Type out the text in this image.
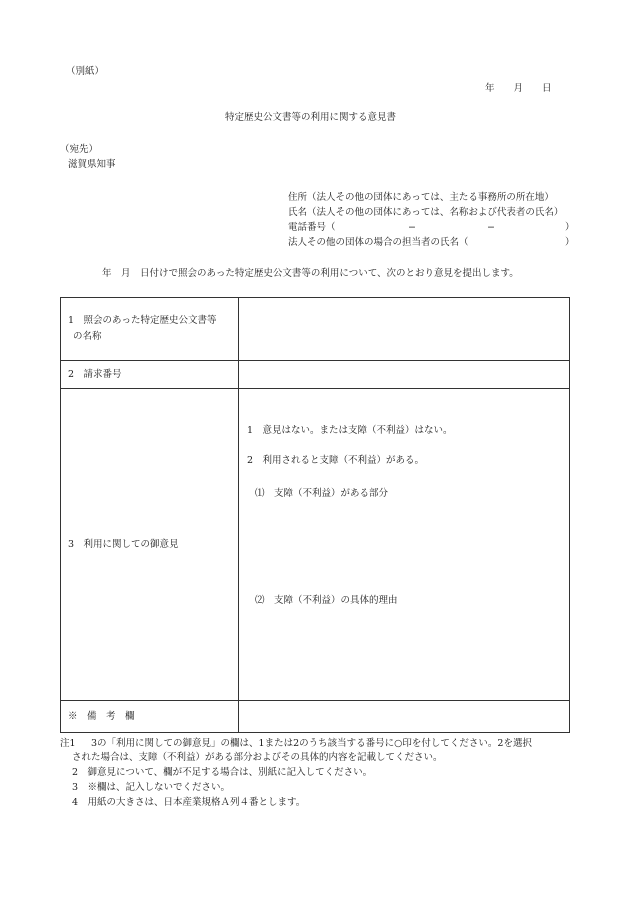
（別紙）
年　　月　　日
特定歴史公文書等の利用に関する意見書
（宛先）
滋賀県知事
住所（法人その他の団体にあっては、主たる事務所の所在地）
氏名（法人その他の団体にあっては、名称および代表者の氏名）
電話番号（	−	−	）
法人その他の団体の場合の担当者の氏名（	）
年　月　日付けで照会のあった特定歴史公文書等の利用について、次のとおり意見を提出します。
1　照会のあった特定歴史公文書等
の名称	

2　請求番号	
3　利用に関しての御意見	1　意見はない。または支障（不利益）はない。
2　利用されると支障（不利益）がある。
⑴　支障（不利益）がある部分
⑵　支障（不利益）の具体的理由

※　備　考　欄	
注1 3の「利用に関しての御意見」の欄は、1または2のうち該当する番号に○印を付してください。2を選択
された場合は、支障（不利益）がある部分およびその具体的内容を記載してください。
2　御意見について、欄が不足する場合は、別紙に記入してください。
3　※欄は、記入しないでください。
4　用紙の大きさは、日本産業規格Ａ列４番とします。
